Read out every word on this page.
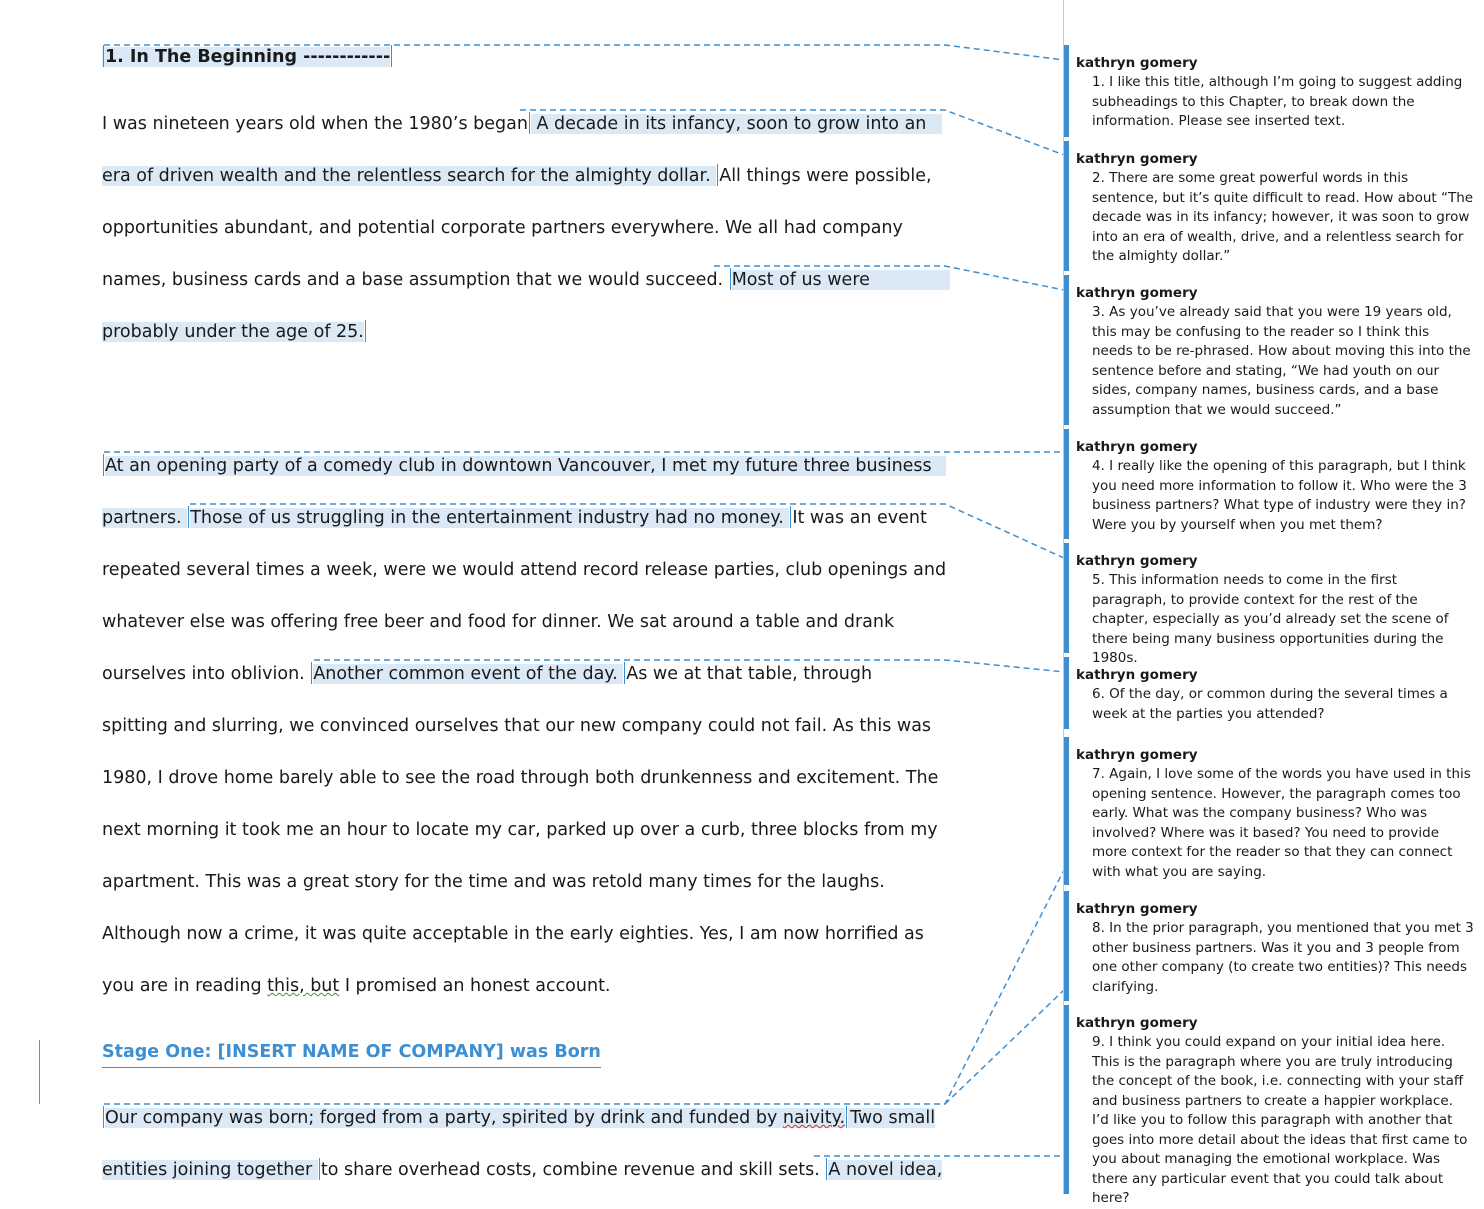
1. In The Beginning ------------
I was nineteen years old when the 1980’s began A decade in its infancy, soon to grow into an
era of driven wealth and the relentless search for the almighty dollar. All things were possible,
opportunities abundant, and potential corporate partners everywhere. We all had company
names, business cards and a base assumption that we would succeed. Most of us were
probably under the age of 25.
At an opening party of a comedy club in downtown Vancouver, I met my future three business
partners. Those of us struggling in the entertainment industry had no money. It was an event
repeated several times a week, were we would attend record release parties, club openings and
whatever else was offering free beer and food for dinner. We sat around a table and drank
ourselves into oblivion. Another common event of the day. As we at that table, through
spitting and slurring, we convinced ourselves that our new company could not fail. As this was
1980, I drove home barely able to see the road through both drunkenness and excitement. The
next morning it took me an hour to locate my car, parked up over a curb, three blocks from my
apartment. This was a great story for the time and was retold many times for the laughs.
Although now a crime, it was quite acceptable in the early eighties. Yes, I am now horrified as
you are in reading this, but I promised an honest account.
Stage One: [INSERT NAME OF COMPANY] was Born
Our company was born; forged from a party, spirited by drink and funded by naivity. Two small
entities joining together to share overhead costs, combine revenue and skill sets. A novel idea,
kathryn gomery
1. I like this title, although I’m going to suggest adding subheadings to this Chapter, to break down the information. Please see inserted text.
kathryn gomery
2. There are some great powerful words in this sentence, but it’s quite difficult to read. How about “The decade was in its infancy; however, it was soon to grow into an era of wealth, drive, and a relentless search for the almighty dollar.”
kathryn gomery
3. As you’ve already said that you were 19 years old, this may be confusing to the reader so I think this needs to be re-phrased. How about moving this into the sentence before and stating, “We had youth on our sides, company names, business cards, and a base assumption that we would succeed.”
kathryn gomery
4. I really like the opening of this paragraph, but I think you need more information to follow it. Who were the 3 business partners? What type of industry were they in? Were you by yourself when you met them?
kathryn gomery
5. This information needs to come in the first paragraph, to provide context for the rest of the chapter, especially as you’d already set the scene of there being many business opportunities during the 1980s.
kathryn gomery
6. Of the day, or common during the several times a week at the parties you attended?
kathryn gomery
7. Again, I love some of the words you have used in this opening sentence. However, the paragraph comes too early. What was the company business? Who was involved? Where was it based? You need to provide more context for the reader so that they can connect with what you are saying.
kathryn gomery
8. In the prior paragraph, you mentioned that you met 3 other business partners. Was it you and 3 people from one other company (to create two entities)? This needs clarifying.
kathryn gomery
9. I think you could expand on your initial idea here. This is the paragraph where you are truly introducing the concept of the book, i.e. connecting with your staff and business partners to create a happier workplace. I’d like you to follow this paragraph with another that goes into more detail about the ideas that first came to you about managing the emotional workplace. Was there any particular event that you could talk about here?
